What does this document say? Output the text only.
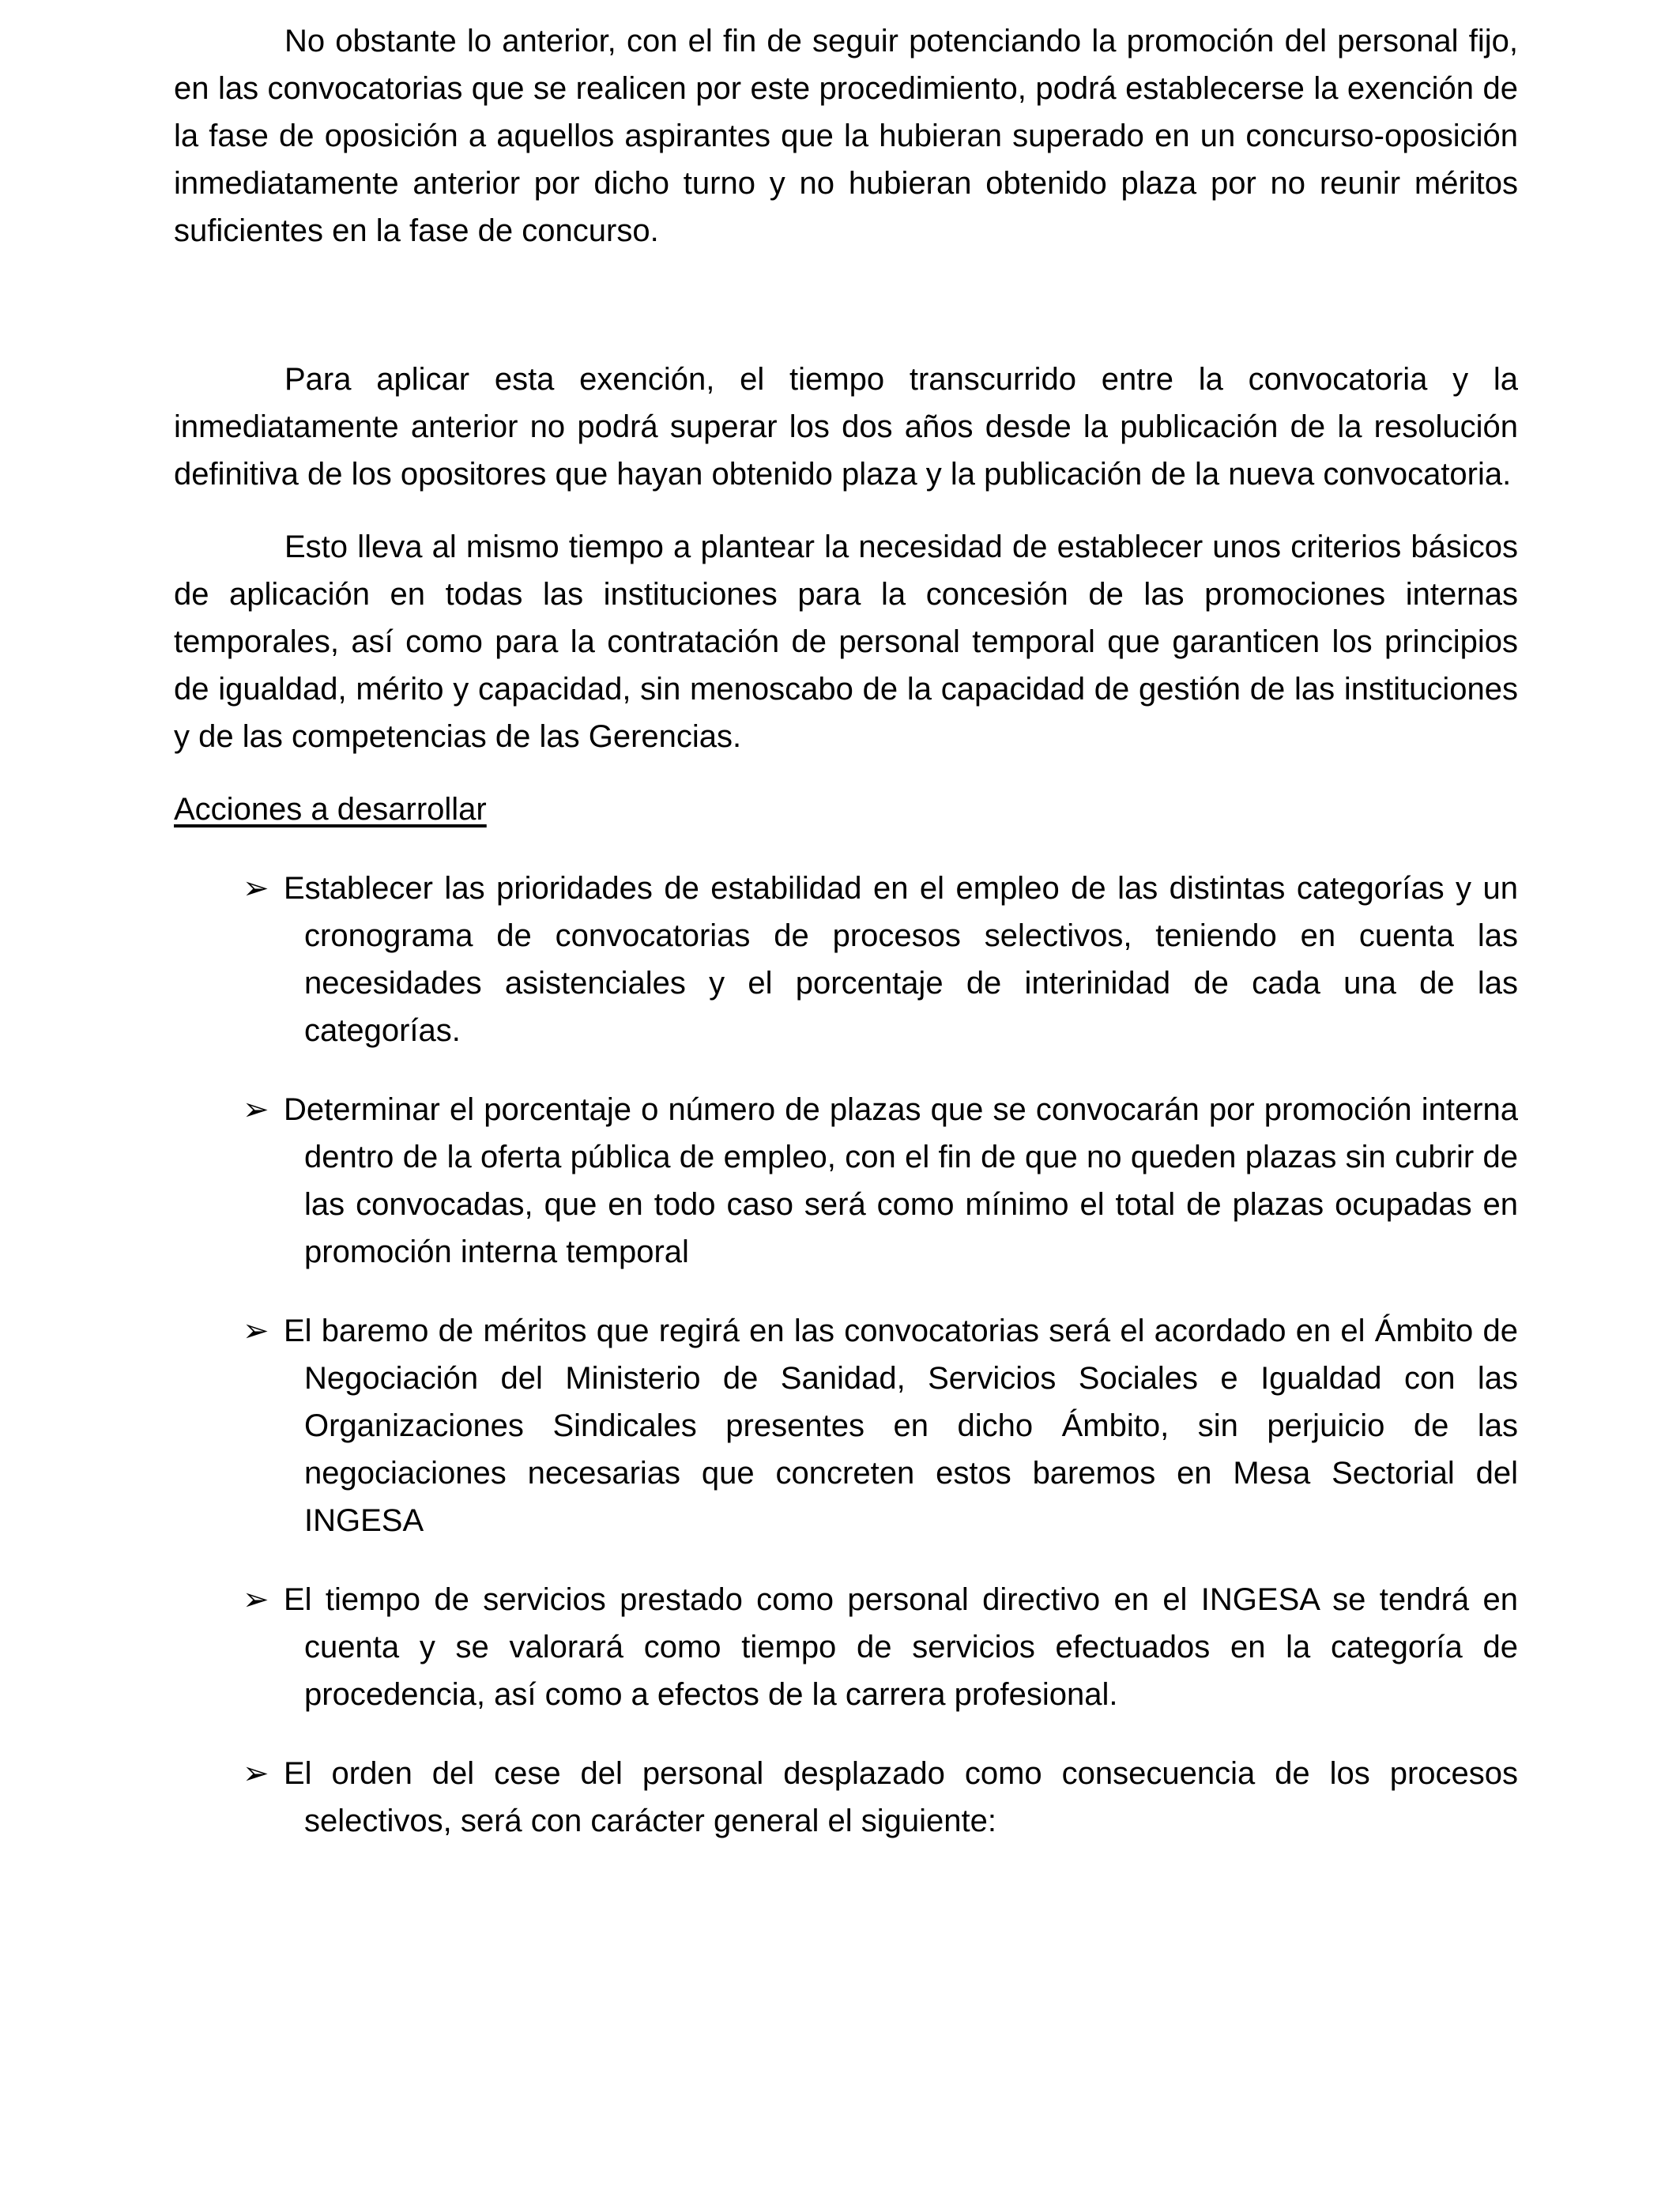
No obstante lo anterior, con el fin de seguir potenciando la promoción del personal fijo, en las convocatorias que se realicen por este procedimiento, podrá establecerse la exención de la fase de oposición a aquellos aspirantes que la hubieran superado en un concurso-oposición inmediatamente anterior por dicho turno y no hubieran obtenido plaza por no reunir méritos suficientes en la fase de concurso.

Para aplicar esta exención, el tiempo transcurrido entre la convocatoria y la inmediatamente anterior no podrá superar los dos años desde la publicación de la resolución definitiva de los opositores que hayan obtenido plaza y la publicación de la nueva convocatoria.

Esto lleva al mismo tiempo a plantear la necesidad de establecer unos criterios básicos de aplicación en todas las instituciones para la concesión de las promociones internas temporales, así como para la contratación de personal temporal que garanticen los principios de igualdad, mérito y capacidad, sin menoscabo de la capacidad de gestión de las instituciones y de las competencias de las Gerencias.

Acciones a desarrollar
➢ Establecer las prioridades de estabilidad en el empleo de las distintas categorías y un cronograma de convocatorias de procesos selectivos, teniendo en cuenta las necesidades asistenciales y el porcentaje de interinidad de cada una de las categorías.
➢ Determinar el porcentaje o número de plazas que se convocarán por promoción interna dentro de la oferta pública de empleo, con el fin de que no queden plazas sin cubrir de las convocadas, que en todo caso será como mínimo el total de plazas ocupadas en promoción interna temporal
➢ El baremo de méritos que regirá en las convocatorias será el acordado en el Ámbito de Negociación del Ministerio de Sanidad, Servicios Sociales e Igualdad con las Organizaciones Sindicales presentes en dicho Ámbito, sin perjuicio de las negociaciones necesarias que concreten estos baremos en Mesa Sectorial del INGESA
➢ El tiempo de servicios prestado como personal directivo en el INGESA se tendrá en cuenta y se valorará como tiempo de servicios efectuados en la categoría de procedencia, así como a efectos de la carrera profesional.
➢ El orden del cese del personal desplazado como consecuencia de los procesos selectivos, será con carácter general el siguiente:
